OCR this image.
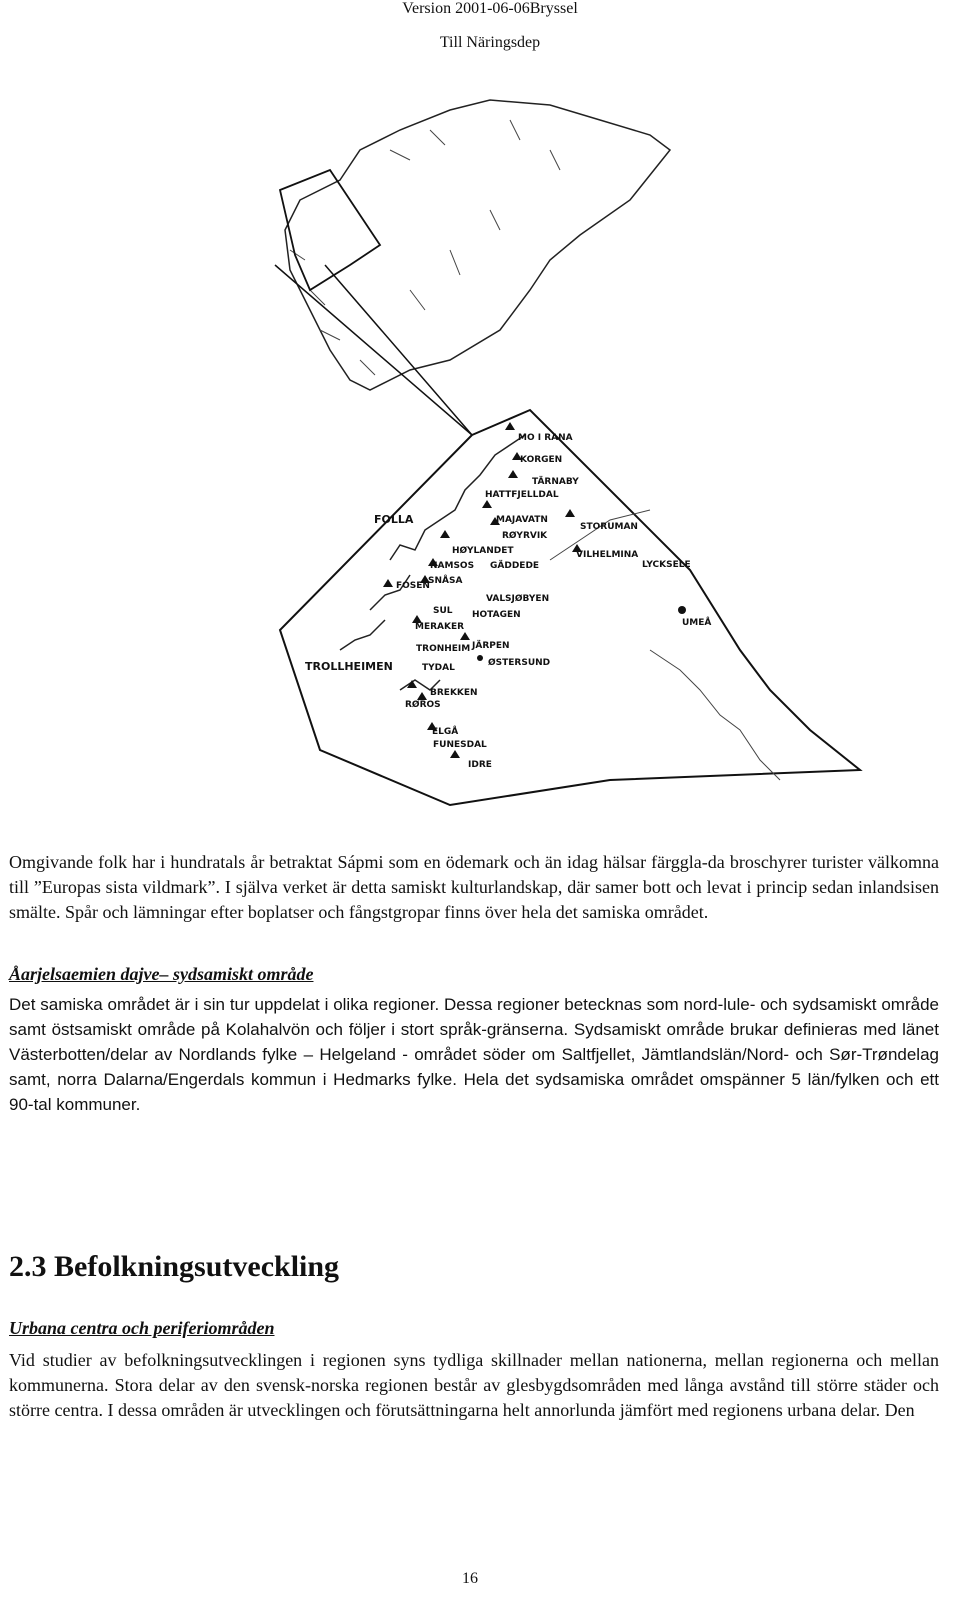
Version 2001-06-06Bryssel
Till Näringsdep
MO I RANA
KORGEN
TÄRNABY
HATTFJELLDAL
FOLLA	MAJAVATN
STORUMAN
RØYRVIK
HØYLANDET	VILHELMINA
NAMSOS GÄDDEDE	LYCKSELE
FOSEN
SNÅSA
VALSJØBYEN
UMEÅ
SUL HOTAGEN
MERAKER
TRONHEIM JÄRPEN
TROLLHEIMEN	TYDAL	ØSTERSUND
BREKKEN
RØROS
ELGÅ
FUNESDAL
IDRE

Omgivande folk har i hundratals år betraktat Sápmi som en ödemark och än idag hälsar färggla-da broschyrer turister välkomna till ”Europas sista vildmark”. I själva verket är detta samiskt kulturlandskap, där samer bott och levat i princip sedan inlandsisen smälte. Spår och lämningar efter boplatser och fångstgropar finns över hela det samiska området.

Åarjelsaemien dajve– sydsamiskt område

Det samiska området är i sin tur uppdelat i olika regioner. Dessa regioner betecknas som nord-lule- och sydsamiskt område samt östsamiskt område på Kolahalvön och följer i stort språk-gränserna. Sydsamiskt område brukar definieras med länet Västerbotten/delar av Nordlands fylke – Helgeland - området söder om Saltfjellet, Jämtlandslän/Nord- och Sør-Trøndelag samt, norra Dalarna/Engerdals kommun i Hedmarks fylke. Hela det sydsamiska området omspänner 5 län/fylken och ett 90-tal kommuner.

2.3 Befolkningsutveckling

Urbana centra och periferiområden

Vid studier av befolkningsutvecklingen i regionen syns tydliga skillnader mellan nationerna, mellan regionerna och mellan kommunerna. Stora delar av den svensk-norska regionen består av glesbygdsområden med långa avstånd till större städer och större centra. I dessa områden är utvecklingen och förutsättningarna helt annorlunda jämfört med regionens urbana delar. Den

16
